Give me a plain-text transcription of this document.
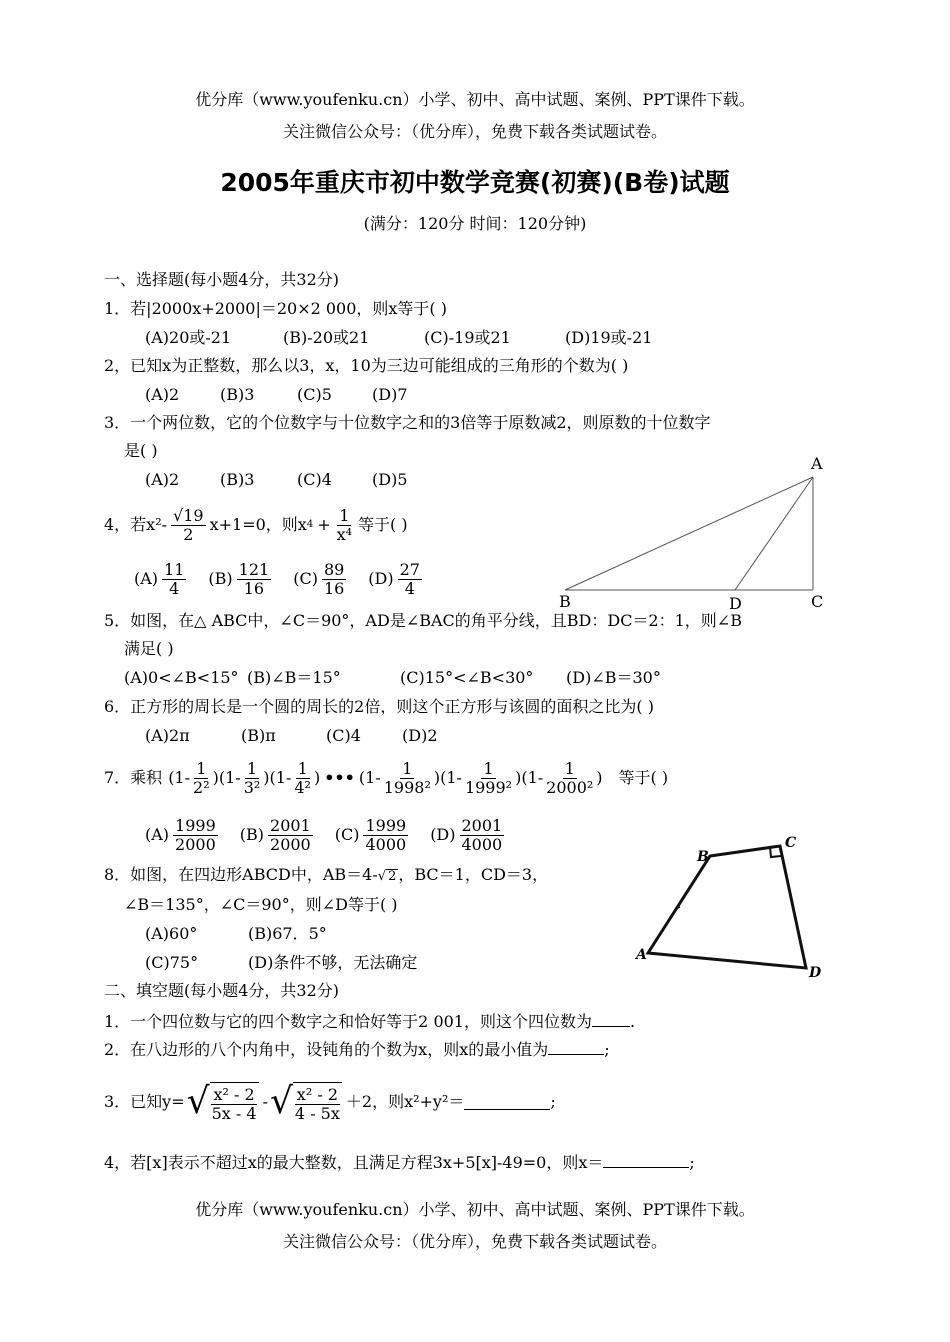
优分库（www.youfenku.cn）小学、初中、高中试题、案例、PPT课件下载。
关注微信公众号：（优分库），免费下载各类试题试卷。
2005年重庆市初中数学竞赛(初赛)(B卷)试题
(满分：120分 时间：120分钟)
一、选择题(每小题4分，共32分)
1．若|2000x+2000|＝20×2 000，则x等于( )
(A)20或-21	(B)-20或21	(C)-19或21	(D)19或-21
2，已知x为正整数，那么以3，x，10为三边可能组成的三角形的个数为( )
(A)2	(B)3	(C)5	(D)7
3．一个两位数，它的个位数字与十位数字之和的3倍等于原数减2，则原数的十位数字
是( )
(A)2	(B)3	(C)4	(D)5
4，若$x^2- \frac{√19}{2} x+1=0$，则x $4 + \frac{1}{\text{x⁴}}$ 等于( )
$(A) \frac{11}{4} (B) \frac{121}{16} (C) \frac{89}{16} (D) \frac{27}{4}$
A
B	D	C
5．如图，在△ ABC中，∠C＝90°，AD是∠BAC的角平分线，且BD：DC＝2：1，则∠B
满足( )
(A)0<∠B<15° (B)∠B＝15°	(C)15°<∠B<30° (D)∠B＝30°
6．正方形的周长是一个圆的周长的2倍，则这个正方形与该圆的面积之比为( )
(A)2π	(B)π	(C)4	(D)2
7．乘积 ($1- \frac{1}{\text{2²}}$ ) ($1- \frac{1}{\text{3²}}$ ) ($1- \frac{1}{\text{4²}}$ ) ••• ($1- \frac{1}{\text{1998²}}$ ) ($1- \frac{1}{\text{1999²}}$ ) ($1- \frac{1}{\text{2000²}}$ ) 等于( )
$(A) \frac{1999}{2000} (B) \frac{2001}{2000} (C) \frac{1999}{4000} (D) \frac{2001}{4000}$
B
C
A
D
8．如图，在四边形ABCD中，AB＝4-√ 2 ，BC＝1，CD＝3，
∠B＝135°，∠C＝90°，则∠D等于( )
(A)60°	(B)67．5°
(C)75°	(D)条件不够，无法确定
二、填空题(每小题4分，共32分)
1．一个四位数与它的四个数字之和恰好等于2 001，则这个四位数为 .
2．在八边形的八个内角中，设钝角的个数为x，则x的最小值为	;
3．已知y= √ $\frac{\text{x² - 2}}{5x - 4}$ - √ $\frac{\text{x² - 2}}{4 - 5x} +2$，则x²+y²＝	;
4，若[x]表示不超过x的最大整数，且满足方程3x+5[x]-49=0，则x＝	;
优分库（www.youfenku.cn）小学、初中、高中试题、案例、PPT课件下载。
关注微信公众号：（优分库），免费下载各类试题试卷。
